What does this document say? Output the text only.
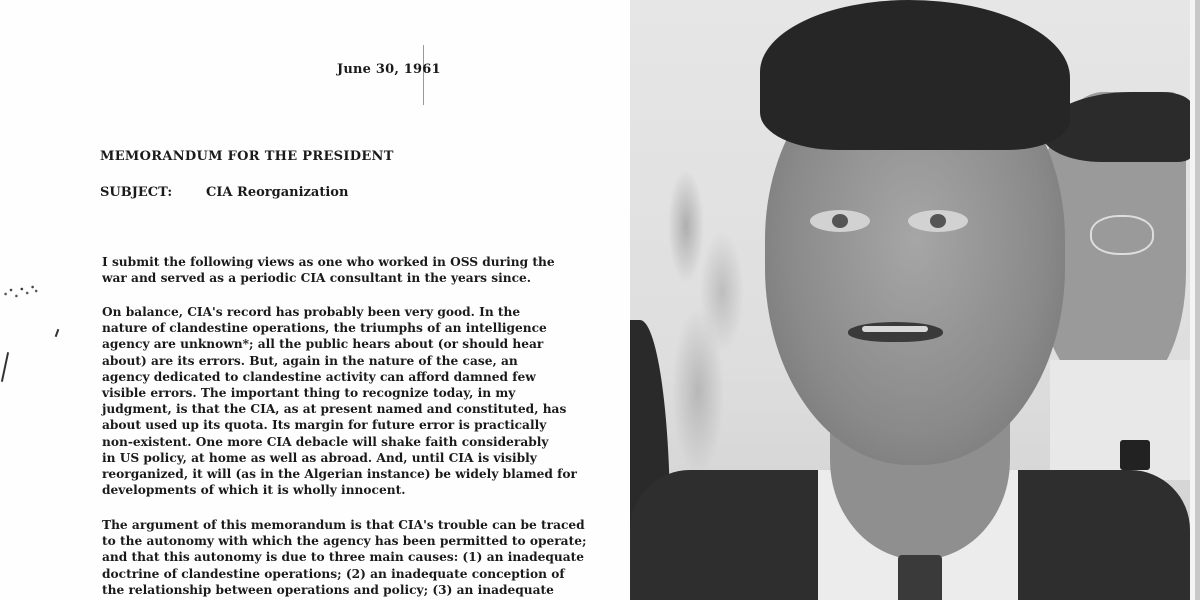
June 30, 1961
MEMORANDUM FOR THE PRESIDENT
SUBJECT:	CIA Reorganization
I submit the following views as one who worked in OSS during the
war and served as a periodic CIA consultant in the years since.
On balance, CIA's record has probably been very good. In the
nature of clandestine operations, the triumphs of an intelligence
agency are unknown*; all the public hears about (or should hear
about) are its errors. But, again in the nature of the case, an
agency dedicated to clandestine activity can afford damned few
visible errors. The important thing to recognize today, in my
judgment, is that the CIA, as at present named and constituted, has
about used up its quota. Its margin for future error is practically
non-existent. One more CIA debacle will shake faith considerably
in US policy, at home as well as abroad. And, until CIA is visibly
reorganized, it will (as in the Algerian instance) be widely blamed for
developments of which it is wholly innocent.
The argument of this memorandum is that CIA's trouble can be traced
to the autonomy with which the agency has been permitted to operate;
and that this autonomy is due to three main causes: (1) an inadequate
doctrine of clandestine operations; (2) an inadequate conception of
the relationship between operations and policy; (3) an inadequate
